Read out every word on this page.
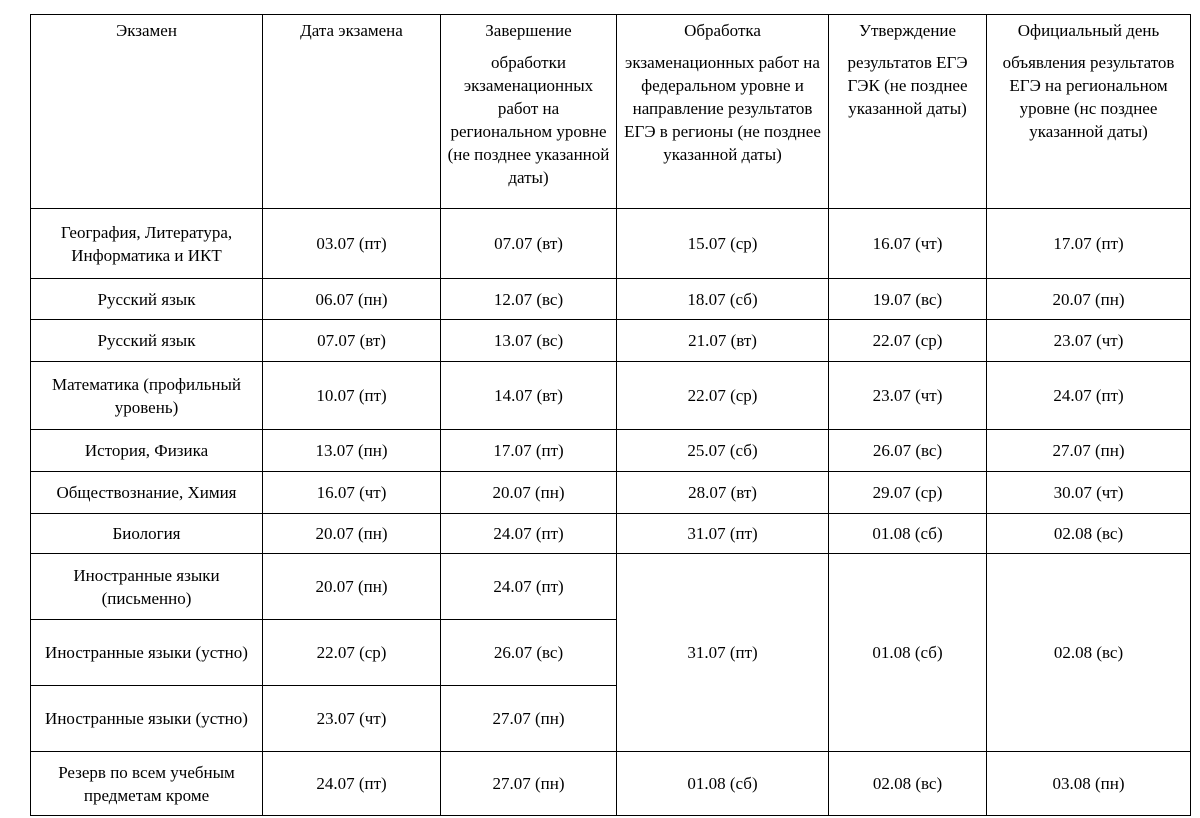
Экзамен	Дата экзамена	Завершение	Обработка	Утверждение	Официальный день
		обработки экзаменационных работ на региональном уровне (не позднее указанной даты)	экзаменационных работ на федеральном уровне и направление результатов ЕГЭ в регионы (не позднее указанной даты)	результатов ЕГЭ ГЭК (не позднее указанной даты)	объявления результатов ЕГЭ на региональном уровне (нс позднее указанной даты)
География, Литература, Информатика и ИКТ	03.07 (пт)	07.07 (вт)	15.07 (ср)	16.07 (чт)	17.07 (пт)
Русский язык	06.07 (пн)	12.07 (вс)	18.07 (сб)	19.07 (вс)	20.07 (пн)
Русский язык	07.07 (вт)	13.07 (вс)	21.07 (вт)	22.07 (ср)	23.07 (чт)
Математика (профильный уровень)	10.07 (пт)	14.07 (вт)	22.07 (ср)	23.07 (чт)	24.07 (пт)
История, Физика	13.07 (пн)	17.07 (пт)	25.07 (сб)	26.07 (вс)	27.07 (пн)
Обществознание, Химия	16.07 (чт)	20.07 (пн)	28.07 (вт)	29.07 (ср)	30.07 (чт)
Биология	20.07 (пн)	24.07 (пт)	31.07 (пт)	01.08 (сб)	02.08 (вс)
Иностранные языки (письменно)	20.07 (пн)	24.07 (пт)	31.07 (пт)	01.08 (сб)	02.08 (вс)
Иностранные языки (устно)	22.07 (ср)	26.07 (вс)			
Иностранные языки (устно)	23.07 (чт)	27.07 (пн)			
Резерв по всем учебным предметам кроме	24.07 (пт)	27.07 (пн)	01.08 (сб)	02.08 (вс)	03.08 (пн)
